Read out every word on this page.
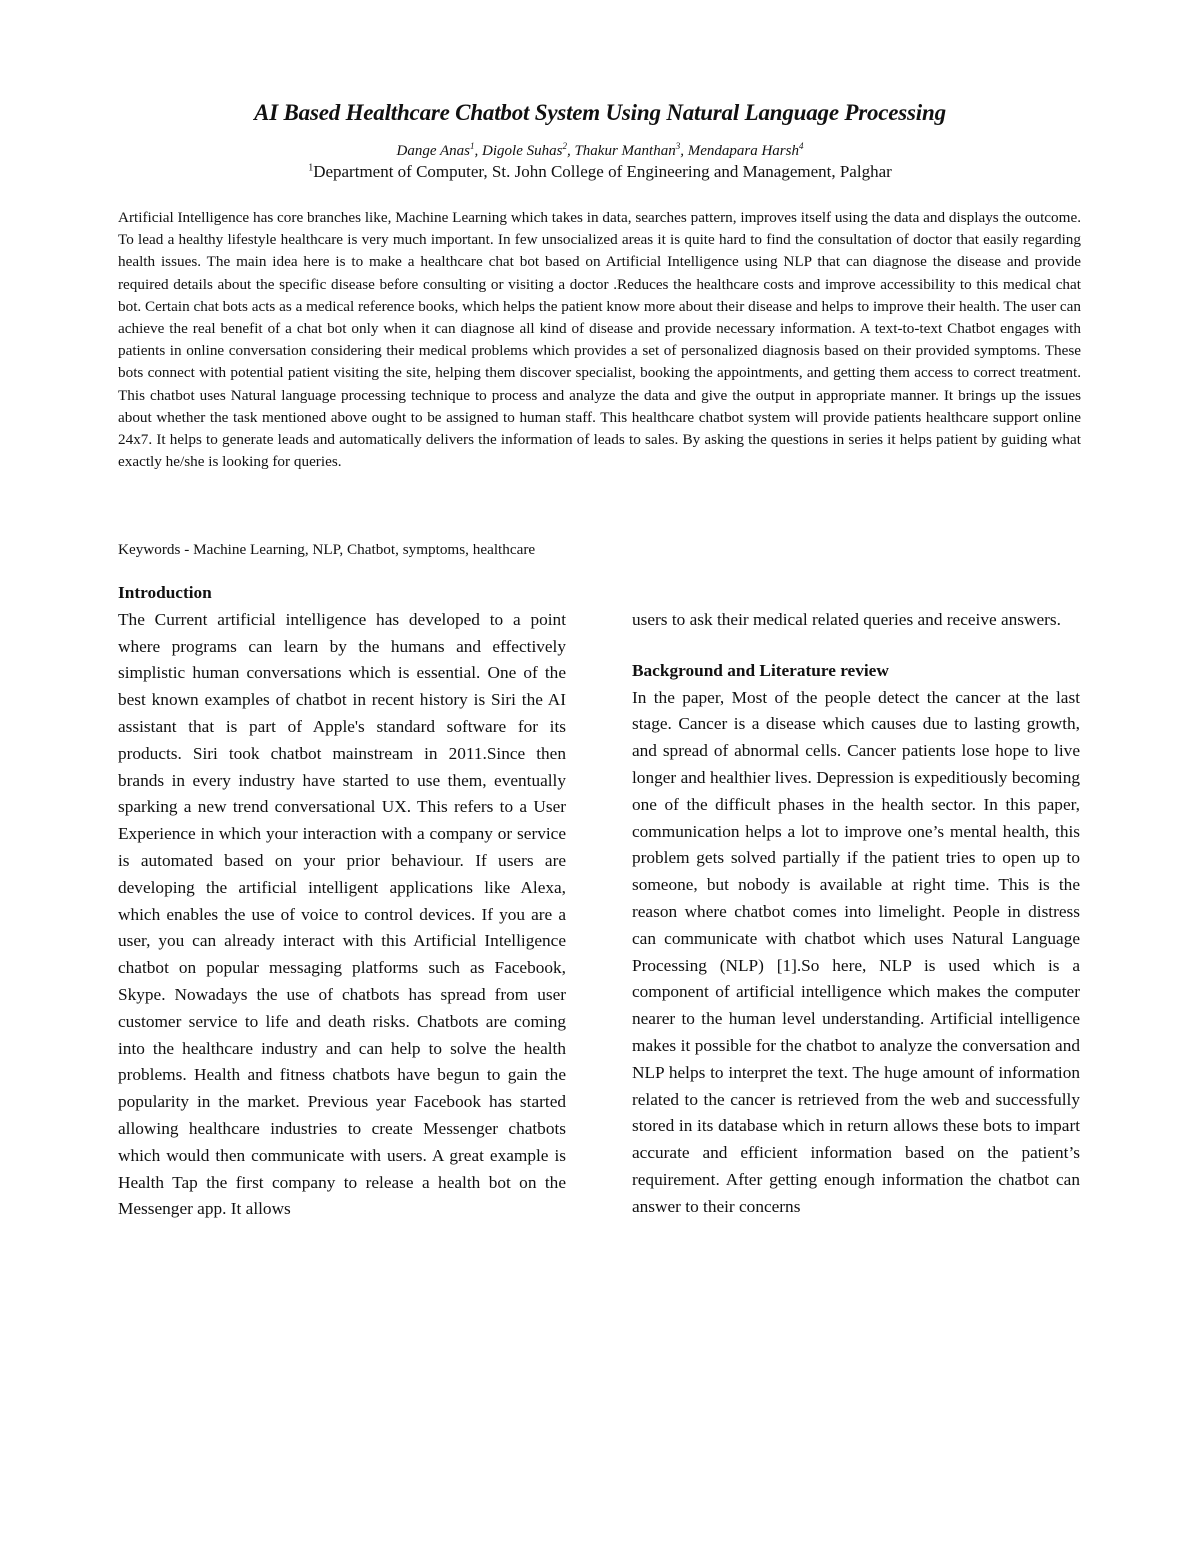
AI Based Healthcare Chatbot System Using Natural Language Processing
Dange Anas$^1$, Digole Suhas$^2$, Thakur Manthan$^3$, Mendapara Harsh$^4$
$^1$Department of Computer, St. John College of Engineering and Management, Palghar

Artificial Intelligence has core branches like, Machine Learning which takes in data, searches pattern, improves itself using the data and displays the outcome. To lead a healthy lifestyle healthcare is very much important. In few unsocialized areas it is quite hard to find the consultation of doctor that easily regarding health issues. The main idea here is to make a healthcare chat bot based on Artificial Intelligence using NLP that can diagnose the disease and provide required details about the specific disease before consulting or visiting a doctor .Reduces the healthcare costs and improve accessibility to this medical chat bot. Certain chat bots acts as a medical reference books, which helps the patient know more about their disease and helps to improve their health. The user can achieve the real benefit of a chat bot only when it can diagnose all kind of disease and provide necessary information. A text-to-text Chatbot engages with patients in online conversation considering their medical problems which provides a set of personalized diagnosis based on their provided symptoms. These bots connect with potential patient visiting the site, helping them discover specialist, booking the appointments, and getting them access to correct treatment. This chatbot uses Natural language processing technique to process and analyze the data and give the output in appropriate manner. It brings up the issues about whether the task mentioned above ought to be assigned to human staff. This healthcare chatbot system will provide patients healthcare support online 24x7. It helps to generate leads and automatically delivers the information of leads to sales. By asking the questions in series it helps patient by guiding what exactly he/she is looking for queries.

Keywords - Machine Learning, NLP, Chatbot, symptoms, healthcare

Introduction

The Current artificial intelligence has developed to a point where programs can learn by the humans and effectively simplistic human conversations which is essential. One of the best known examples of chatbot in recent history is Siri the AI assistant that is part of Apple's standard software for its products. Siri took chatbot mainstream in 2011.Since then brands in every industry have started to use them, eventually sparking a new trend conversational UX. This refers to a User Experience in which your interaction with a company or service is automated based on your prior behaviour. If users are developing the artificial intelligent applications like Alexa, which enables the use of voice to control devices. If you are a user, you can already interact with this Artificial Intelligence chatbot on popular messaging platforms such as Facebook, Skype. Nowadays the use of chatbots has spread from user customer service to life and death risks. Chatbots are coming into the healthcare industry and can help to solve the health problems. Health and fitness chatbots have begun to gain the popularity in the market. Previous year Facebook has started allowing healthcare industries to create Messenger chatbots which would then communicate with users. A great example is Health Tap the first company to release a health bot on the Messenger app. It allows

users to ask their medical related queries and receive answers.

Background and Literature review

In the paper, Most of the people detect the cancer at the last stage. Cancer is a disease which causes due to lasting growth, and spread of abnormal cells. Cancer patients lose hope to live longer and healthier lives. Depression is expeditiously becoming one of the difficult phases in the health sector. In this paper, communication helps a lot to improve one’s mental health, this problem gets solved partially if the patient tries to open up to someone, but nobody is available at right time. This is the reason where chatbot comes into limelight. People in distress can communicate with chatbot which uses Natural Language Processing (NLP) [1].So here, NLP is used which is a component of artificial intelligence which makes the computer nearer to the human level understanding. Artificial intelligence makes it possible for the chatbot to analyze the conversation and NLP helps to interpret the text. The huge amount of information related to the cancer is retrieved from the web and successfully stored in its database which in return allows these bots to impart accurate and efficient information based on the patient’s requirement. After getting enough information the chatbot can answer to their concerns
